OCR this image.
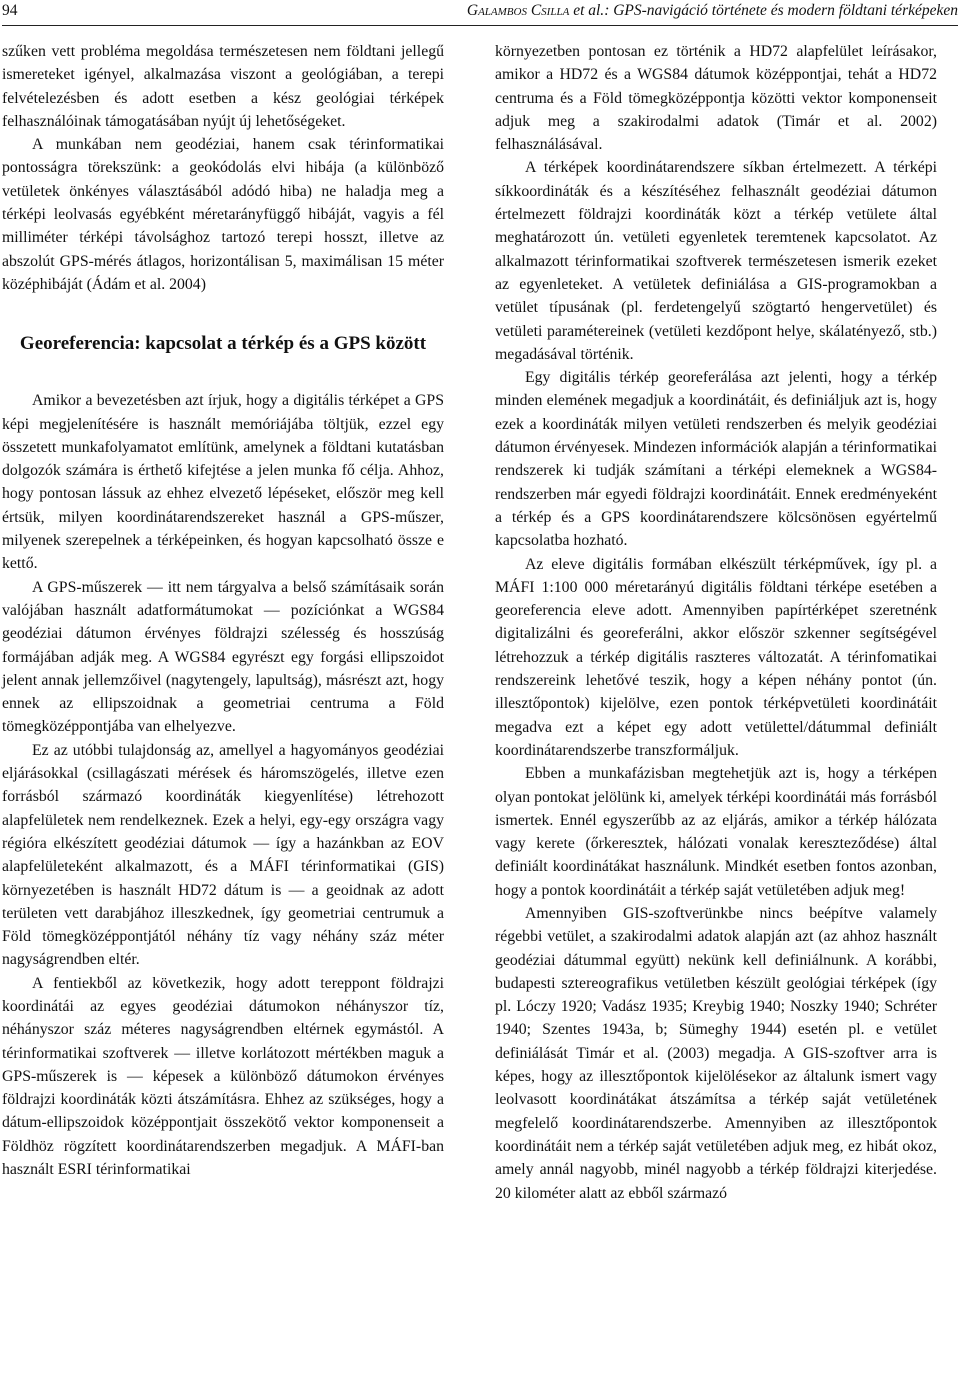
94	Galambos Csilla et al.: GPS-navigáció története és modern földtani térképeken

szűken vett probléma megoldása természetesen nem földtani jellegű ismereteket igényel, alkalmazása viszont a geológiában, a terepi felvételezésben és adott esetben a kész geológiai térképek felhasználóinak támogatásában nyújt új lehetőségeket.

A munkában nem geodéziai, hanem csak térinformatikai pontosságra törekszünk: a geokódolás elvi hibája (a különböző vetületek önkényes választásából adódó hiba) ne haladja meg a térképi leolvasás egyébként méretarányfüggő hibáját, vagyis a fél milliméter térképi távolsághoz tartozó terepi hosszt, illetve az abszolút GPS-mérés átlagos, horizontálisan 5, maximálisan 15 méter középhibáját (Ádám et al. 2004)

Georeferencia: kapcsolat a térkép és a GPS között

Amikor a bevezetésben azt írjuk, hogy a digitális térképet a GPS képi megjelenítésére is használt memóriájába töltjük, ezzel egy összetett munkafolyamatot említünk, amelynek a földtani kutatásban dolgozók számára is érthető kifejtése a jelen munka fő célja. Ahhoz, hogy pontosan lássuk az ehhez elvezető lépéseket, először meg kell értsük, milyen koordinátarendszereket használ a GPS-műszer, milyenek szerepelnek a térképeinken, és hogyan kapcsolható össze e kettő.

A GPS-műszerek — itt nem tárgyalva a belső számításaik során valójában használt adatformátumokat — pozíciónkat a WGS84 geodéziai dátumon érvényes földrajzi szélesség és hosszúság formájában adják meg. A WGS84 egyrészt egy forgási ellipszoidot jelent annak jellemzőivel (nagytengely, lapultság), másrészt azt, hogy ennek az ellipszoidnak a geometriai centruma a Föld tömegközéppontjába van elhelyezve.

Ez az utóbbi tulajdonság az, amellyel a hagyományos geodéziai eljárásokkal (csillagászati mérések és háromszögelés, illetve ezen forrásból származó koordináták kiegyenlítése) létrehozott alapfelületek nem rendelkeznek. Ezek a helyi, egy-egy országra vagy régióra elkészített geodéziai dátumok — így a hazánkban az EOV alapfelületeként alkalmazott, és a MÁFI térinformatikai (GIS) környezetében is használt HD72 dátum is — a geoidnak az adott területen vett darabjához illeszkednek, így geometriai centrumuk a Föld tömegközéppontjától néhány tíz vagy néhány száz méter nagyságrendben eltér.

A fentiekből az következik, hogy adott tereppont földrajzi koordinátái az egyes geodéziai dátumokon néhányszor tíz, néhányszor száz méteres nagyságrendben eltérnek egymástól. A térinformatikai szoftverek — illetve korlátozott mértékben maguk a GPS-műszerek is — képesek a különböző dátumokon érvényes földrajzi koordináták közti átszámításra. Ehhez az szükséges, hogy a dátum-ellipszoidok középpontjait összekötő vektor komponenseit a Földhöz rögzített koordinátarendszerben megadjuk. A MÁFI-ban használt ESRI térinformatikai

környezetben pontosan ez történik a HD72 alapfelület leírásakor, amikor a HD72 és a WGS84 dátumok középpontjai, tehát a HD72 centruma és a Föld tömegközéppontja közötti vektor komponenseit adjuk meg a szakirodalmi adatok (Timár et al. 2002) felhasználásával.

A térképek koordinátarendszere síkban értelmezett. A térképi síkkoordináták és a készítéséhez felhasznált geodéziai dátumon értelmezett földrajzi koordináták közt a térkép vetülete által meghatározott ún. vetületi egyenletek teremtenek kapcsolatot. Az alkalmazott térinformatikai szoftverek természetesen ismerik ezeket az egyenleteket. A vetületek definiálása a GIS-programokban a vetület típusának (pl. ferdetengelyű szögtartó hengervetület) és vetületi paramétereinek (vetületi kezdőpont helye, skálatényező, stb.) megadásával történik.

Egy digitális térkép georeferálása azt jelenti, hogy a térkép minden elemének megadjuk a koordinátáit, és definiáljuk azt is, hogy ezek a koordináták milyen vetületi rendszerben és melyik geodéziai dátumon érvényesek. Mindezen információk alapján a térinformatikai rendszerek ki tudják számítani a térképi elemeknek a WGS84-rendszerben már egyedi földrajzi koordinátáit. Ennek eredményeként a térkép és a GPS koordinátarendszere kölcsönösen egyértelmű kapcsolatba hozható.

Az eleve digitális formában elkészült térképművek, így pl. a MÁFI 1:100 000 méretarányú digitális földtani térképe esetében a georeferencia eleve adott. Amennyiben papírtérképet szeretnénk digitalizálni és georeferálni, akkor először szkenner segítségével létrehozzuk a térkép digitális raszteres változatát. A térinfomatikai rendszereink lehetővé teszik, hogy a képen néhány pontot (ún. illesztőpontok) kijelölve, ezen pontok térképvetületi koordinátáit megadva ezt a képet egy adott vetülettel/dátummal definiált koordinátarendszerbe transzformáljuk.

Ebben a munkafázisban megtehetjük azt is, hogy a térképen olyan pontokat jelölünk ki, amelyek térképi koordinátái más forrásból ismertek. Ennél egyszerűbb az az eljárás, amikor a térkép hálózata vagy kerete (őrkeresztek, hálózati vonalak kereszteződése) által definiált koordinátákat használunk. Mindkét esetben fontos azonban, hogy a pontok koordinátáit a térkép saját vetületében adjuk meg!

Amennyiben GIS-szoftverünkbe nincs beépítve valamely régebbi vetület, a szakirodalmi adatok alapján azt (az ahhoz használt geodéziai dátummal együtt) nekünk kell definiálnunk. A korábbi, budapesti sztereografikus vetületben készült geológiai térképek (így pl. Lóczy 1920; Vadász 1935; Kreybig 1940; Noszky 1940; Schréter 1940; Szentes 1943a, b; Sümeghy 1944) esetén pl. e vetület definiálását Timár et al. (2003) megadja. A GIS-szoftver arra is képes, hogy az illesztőpontok kijelölésekor az általunk ismert vagy leolvasott koordinátákat átszámítsa a térkép saját vetületének megfelelő koordinátarendszerbe. Amennyiben az illesztőpontok koordinátáit nem a térkép saját vetületében adjuk meg, ez hibát okoz, amely annál nagyobb, minél nagyobb a térkép földrajzi kiterjedése. 20 kilométer alatt az ebből származó
